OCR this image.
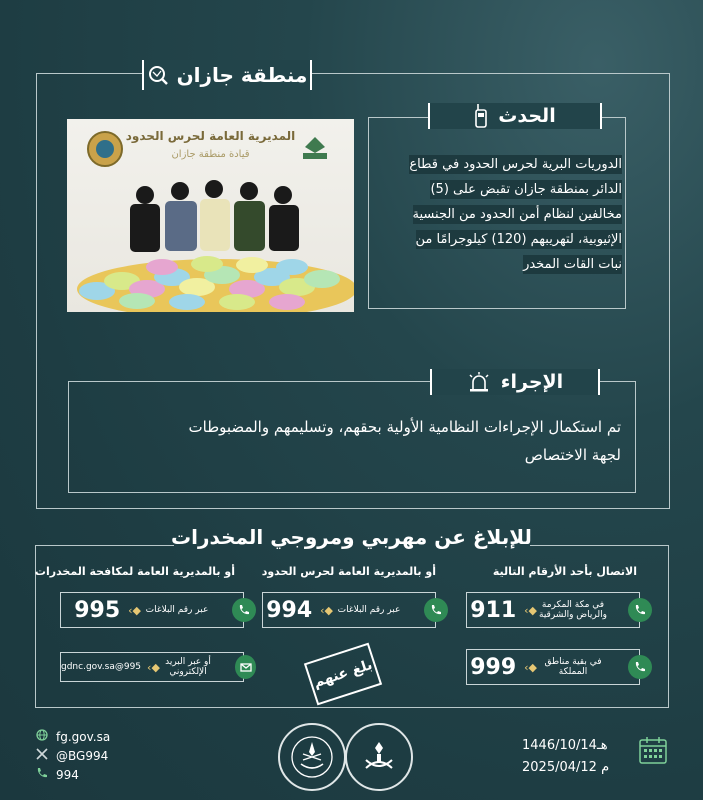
منطقة جازان
المديرية العامة لحرس الحدود
قيادة منطقة جازان
الحدث
الدوريات البرية لحرس الحدود في قطاع
الدائر بمنطقة جازان تقبض على (5)
مخالفين لنظام أمن الحدود من الجنسية
الإثيوبية، لتهريبهم (120) كيلوجرامًا من
نبات القات المخدر
الإجراء
تم استكمال الإجراءات النظامية الأولية بحقهم، وتسليمهم والمضبوطات
لجهة الاختصاص
للإبلاغ عن مهربي ومروجي المخدرات
الاتصال بأحد الأرقام التالية
أو بالمديرية العامة لحرس الحدود
أو بالمديرية العامة لمكافحة المخدرات
في مكة المكرمة والرياض والشرقية
◆›
911
في بقية مناطق المملكة
◆›
999
عبر رقم البلاغات
◆›
994
عبر رقم البلاغات
◆›
995
أو عبر البريد الإلكتروني
◆›
995@gdnc.gov.sa	بلغ عنهم
fg.gov.sa
@BG994
994
1446/10/14هـ
2025/04/12 م
